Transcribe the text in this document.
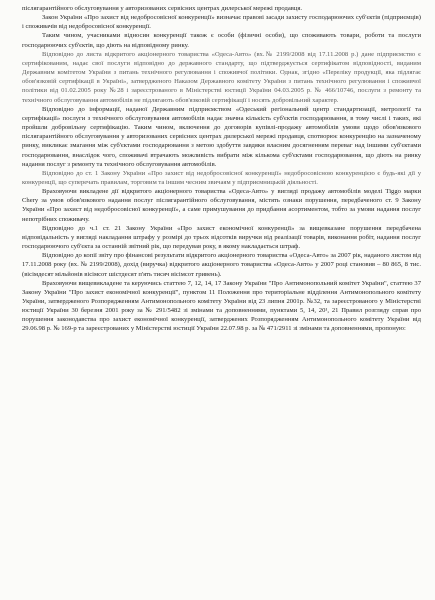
післягарантійного обслуговування у авторизованих сервісних центрах дилерської мережі продавця.

Закон України «Про захист від недобросовісної конкуренції» визначає правові засади захисту господарюючих суб'єктів (підприємців) і споживачів від недобросовісної конкуренції.

Таким чином, учасниками відносин конкуренції також є особи (фізичні особи), що споживають товари, роботи та послуги господарюючих суб'єктів, що діють на відповідному ринку.

Відповідно до листа відкритого акціонерного товариства «Одеса-Авто» (вх.№ 2199/2008 від 17.11.2008 р.) дане підприємство є сертифікованим, надає свої послуги відповідно до державного стандарту, що підтверджується сертифікатом відповідності, виданим Державним комітетом України з питань технічного регулювання і споживчої політики. Однак, згідно «Переліку продукції, яка підлягає обов'язковій сертифікації в Україні», затвердженого Наказом Державного комітету України з питань технічного регулювання і споживчої політики від 01.02.2005 року №28 і зареєстрованого в Міністерстві юстиції України 04.03.2005 р. № 466/10746, послуги з ремонту та технічного обслуговування автомобілів не підлягають обов'язковій сертифікації і носять добровільний характер.

Відповідно до інформації, наданої Державним підприємством «Одеський регіональний центр стандартизації, метрології та сертифікації» послуги з технічного обслуговування автомобілів надає значна кількість суб'єктів господарювання, в тому числі і таких, які пройшли добровільну сертифікацію. Таким чином, включення до договорів купівлі-продажу автомобілів умови щодо обов'язкового післягарантійного обслуговування у авторизованих сервісних центрах дилерської мережі продавця, спотворює конкуренцію на зазначеному ринку, викликає змагання між суб'єктами господарювання з метою здобуття завдяки власним досягненням переваг над іншими суб'єктами господарювання, внаслідок чого, споживачі втрачають можливість вибрати між кількома суб'єктами господарювання, що діють на ринку надання послуг з ремонту та технічного обслуговування автомобілів.

Відповідно до ст. 1 Закону України «Про захист від недобросовісної конкуренції» недобросовісною конкуренцією є будь-які дії у конкуренції, що суперечать правилам, торговим та іншим чесним звичаям у підприємницькій діяльності.

Враховуючи викладене дії відкритого акціонерного товариства «Одеса-Авто» у вигляді продажу автомобілів моделі Tiggo марки Chery за умов обов'язкового надання послуг післягарантійного обслуговування, містять ознаки порушення, передбаченого ст. 9 Закону України «Про захист від недобросовісної конкуренції», а саме примушування до придбання асортиментом, тобто за умови надання послуг непотрібних споживачу.

Відповідно до ч.1 ст. 21 Закону України «Про захист економічної конкуренції» за вищевказане порушення передбачена відповідальність у вигляді накладання штрафу у розмірі до трьох відсотків виручки від реалізації товарів, виконання робіт, надання послуг господарюючого суб'єкта за останній звітний рік, що передував року, в якому накладається штраф.

Відповідно до копії звіту про фінансові результати відкритого акціонерного товариства «Одеса-Авто» за 2007 рік, наданого листом від 17.11.2008 року (вх. № 2199/2008), дохід (виручка) відкритого акціонерного товариства «Одеса-Авто» у 2007 році становив – 80 865, 8 тис. (вісімдесят мільйонів вісімсот шістдесят п'ять тисяч вісімсот гривень).

Враховуючи вищевикладене та керуючись статтею 7, 12, 14, 17 Закону України "Про Антимонопольний комітет України", статтею 37 Закону України "Про захист економічної конкуренції", пунктом 11 Положення про територіальне відділення Антимонопольного комітету України, затвердженого Розпорядженням Антимонопольного комітету України від 23 липня 2001р. №32, та зареєстрованого у Міністерстві юстиції України 30 березня 2001 року за № 291/5482 зі змінами та доповненнями, пунктами 5, 14, 20¹, 21 Правил розгляду справ про порушення законодавства про захист економічної конкуренції, затверджених Розпорядженням Антимонопольного комітету України від 29.06.98 р. № 169-р та зареєстрованих у Міністерстві юстиції України 22.07.98 р. за № 471/2911 зі змінами та доповненнями, пропоную:
